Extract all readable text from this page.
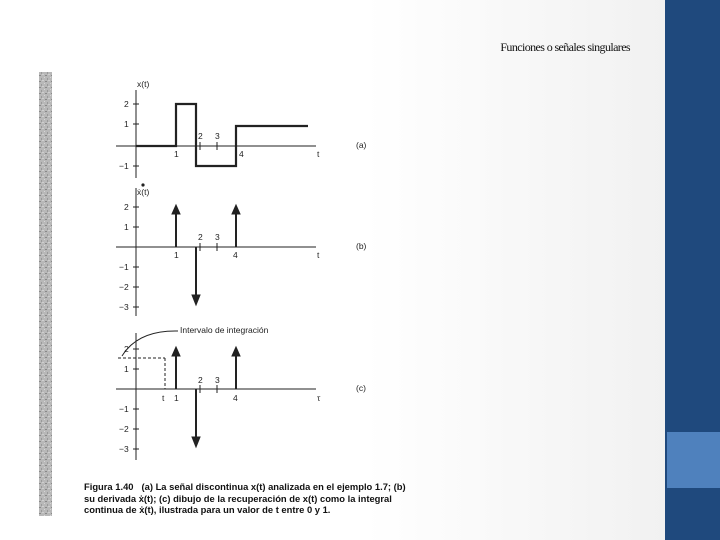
Funciones o señales singulares
x(t)
2
1
−1
1
2 3
4	t
(a)
ẋ(t)
2
1
−1
−2
−3
1
2 3
4	t
(b)
Intervalo de integración
2
1
−1
−2
−3
t 1
2 3
4	τ
(c)
Figura 1.40 (a) La señal discontinua x(t) analizada en el ejemplo 1.7; (b) su derivada ẋ(t); (c) dibujo de la recuperación de x(t) como la integral continua de ẋ(t), ilustrada para un valor de t entre 0 y 1.
